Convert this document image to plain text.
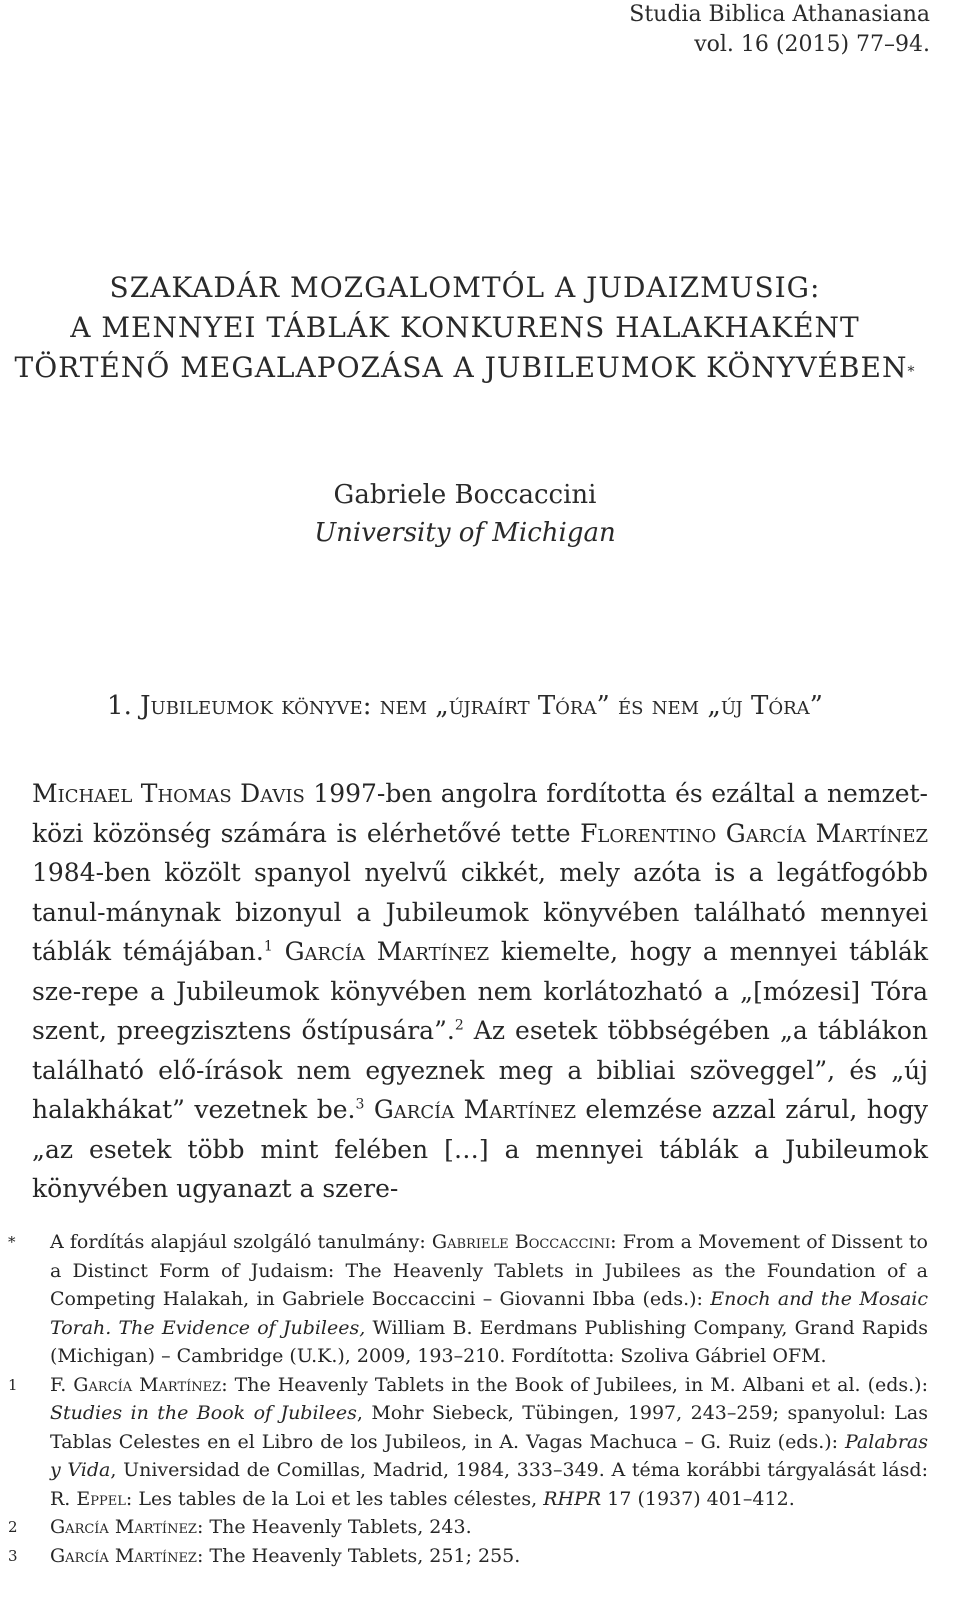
Studia Biblica Athanasiana
vol. 16 (2015) 77–94.
SZAKADÁR MOZGALOMTÓL A JUDAIZMUSIG:
A MENNYEI TÁBLÁK KONKURENS HALAKHAKÉNT
TÖRTÉNŐ MEGALAPOZÁSA A JUBILEUMOK KÖNYVÉBEN*
Gabriele Boccaccini
University of Michigan
1. Jubileumok könyve: nem „újraírt Tóra” és nem „új Tóra”
Michael Thomas Davis 1997-ben angolra fordította és ezáltal a nemzet-közi közönség számára is elérhetővé tette Florentino García Martínez 1984-ben közölt spanyol nyelvű cikkét, mely azóta is a legátfogóbb tanul-mánynak bizonyul a Jubileumok könyvében található mennyei táblák témájában.$^1$ García Martínez kiemelte, hogy a mennyei táblák sze-repe a Jubileumok könyvében nem korlátozható a „[mózesi] Tóra szent, preegzisztens őstípusára”.$^2$ Az esetek többségében „a táblákon található elő-írások nem egyeznek meg a bibliai szöveggel”, és „új halakhákat” vezetnek be.$^3$ García Martínez elemzése azzal zárul, hogy „az esetek több mint felében […] a mennyei táblák a Jubileumok könyvében ugyanazt a szere-
*	A fordítás alapjául szolgáló tanulmány: Gabriele Boccaccini: From a Movement of Dissent to a Distinct Form of Judaism: The Heavenly Tablets in Jubilees as the Foundation of a Competing Halakah, in Gabriele Boccaccini – Giovanni Ibba (eds.): Enoch and the Mosaic Torah. The Evidence of Jubilees, William B. Eerdmans Publishing Company, Grand Rapids (Michigan) – Cambridge (U.K.), 2009, 193–210. Fordította: Szoliva Gábriel OFM.
1	F. García Martínez: The Heavenly Tablets in the Book of Jubilees, in M. Albani et al. (eds.): Studies in the Book of Jubilees, Mohr Siebeck, Tübingen, 1997, 243–259; spanyolul: Las Tablas Celestes en el Libro de los Jubileos, in A. Vagas Machuca – G. Ruiz (eds.): Palabras y Vida, Universidad de Comillas, Madrid, 1984, 333–349. A téma korábbi tárgyalását lásd: R. Eppel: Les tables de la Loi et les tables célestes, RHPR 17 (1937) 401–412.
2	García Martínez: The Heavenly Tablets, 243.
3	García Martínez: The Heavenly Tablets, 251; 255.
